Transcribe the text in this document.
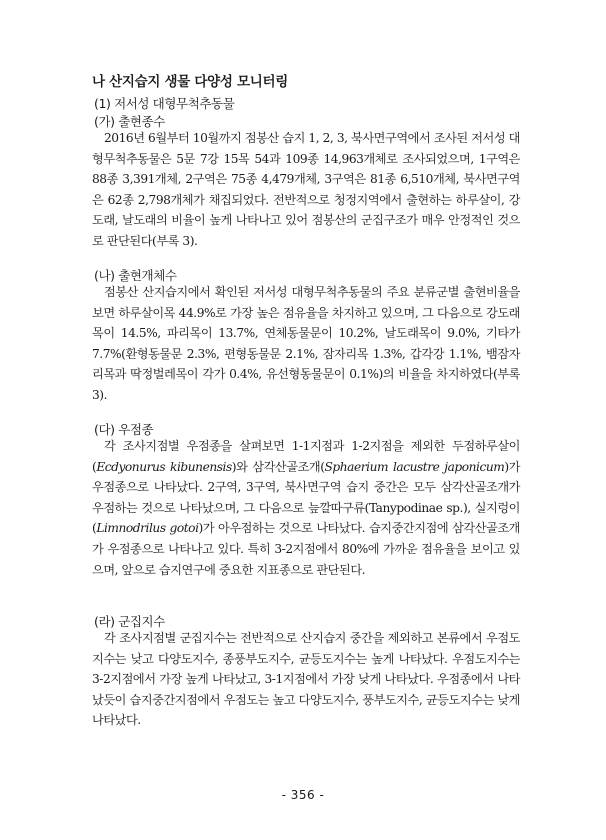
나 산지습지 생물 다양성 모니터링
(1) 저서성 대형무척추동물
(가) 출현종수

2016년 6월부터 10월까지 점봉산 습지 1, 2, 3, 북사면구역에서 조사된 저서성 대형무척추동물은 5문 7강 15목 54과 109종 14,963개체로 조사되었으며, 1구역은 88종 3,391개체, 2구역은 75종 4,479개체, 3구역은 81종 6,510개체, 북사면구역은 62종 2,798개체가 채집되었다. 전반적으로 청정지역에서 출현하는 하루살이, 강도래, 날도래의 비율이 높게 나타나고 있어 점봉산의 군집구조가 매우 안정적인 것으로 판단된다(부록 3).

(나) 출현개체수

점봉산 산지습지에서 확인된 저서성 대형무척추동물의 주요 분류군별 출현비율을 보면 하루살이목 44.9%로 가장 높은 점유율을 차지하고 있으며, 그 다음으로 강도래목이 14.5%, 파리목이 13.7%, 연체동물문이 10.2%, 날도래목이 9.0%, 기타가 7.7%(환형동물문 2.3%, 편형동물문 2.1%, 잠자리목 1.3%, 갑각강 1.1%, 뱀잠자리목과 딱정벌레목이 각가 0.4%, 유선형동물문이 0.1%)의 비율을 차지하였다(부록 3).

(다) 우점종

각 조사지점별 우점종을 살펴보면 1-1지점과 1-2지점을 제외한 두점하루살이(Ecdyonurus kibunensis)와 삼각산골조개(Sphaerium lacustre japonicum)가 우점종으로 나타났다. 2구역, 3구역, 북사면구역 습지 중간은 모두 삼각산골조개가 우점하는 것으로 나타났으며, 그 다음으로 늪깔따구류(Tanypodinae sp.), 실지렁이(Limnodrilus gotoi)가 아우점하는 것으로 나타났다. 습지중간지점에 삼각산골조개가 우점종으로 나타나고 있다. 특히 3-2지점에서 80%에 가까운 점유율을 보이고 있으며, 앞으로 습지연구에 중요한 지표종으로 판단된다.

(라) 군집지수

각 조사지점별 군집지수는 전반적으로 산지습지 중간을 제외하고 본류에서 우점도지수는 낮고 다양도지수, 종풍부도지수, 균등도지수는 높게 나타났다. 우점도지수는 3-2지점에서 가장 높게 나타났고, 3-1지점에서 가장 낮게 나타났다. 우점종에서 나타났듯이 습지중간지점에서 우점도는 높고 다양도지수, 풍부도지수, 균등도지수는 낮게 나타났다.

- 356 -
